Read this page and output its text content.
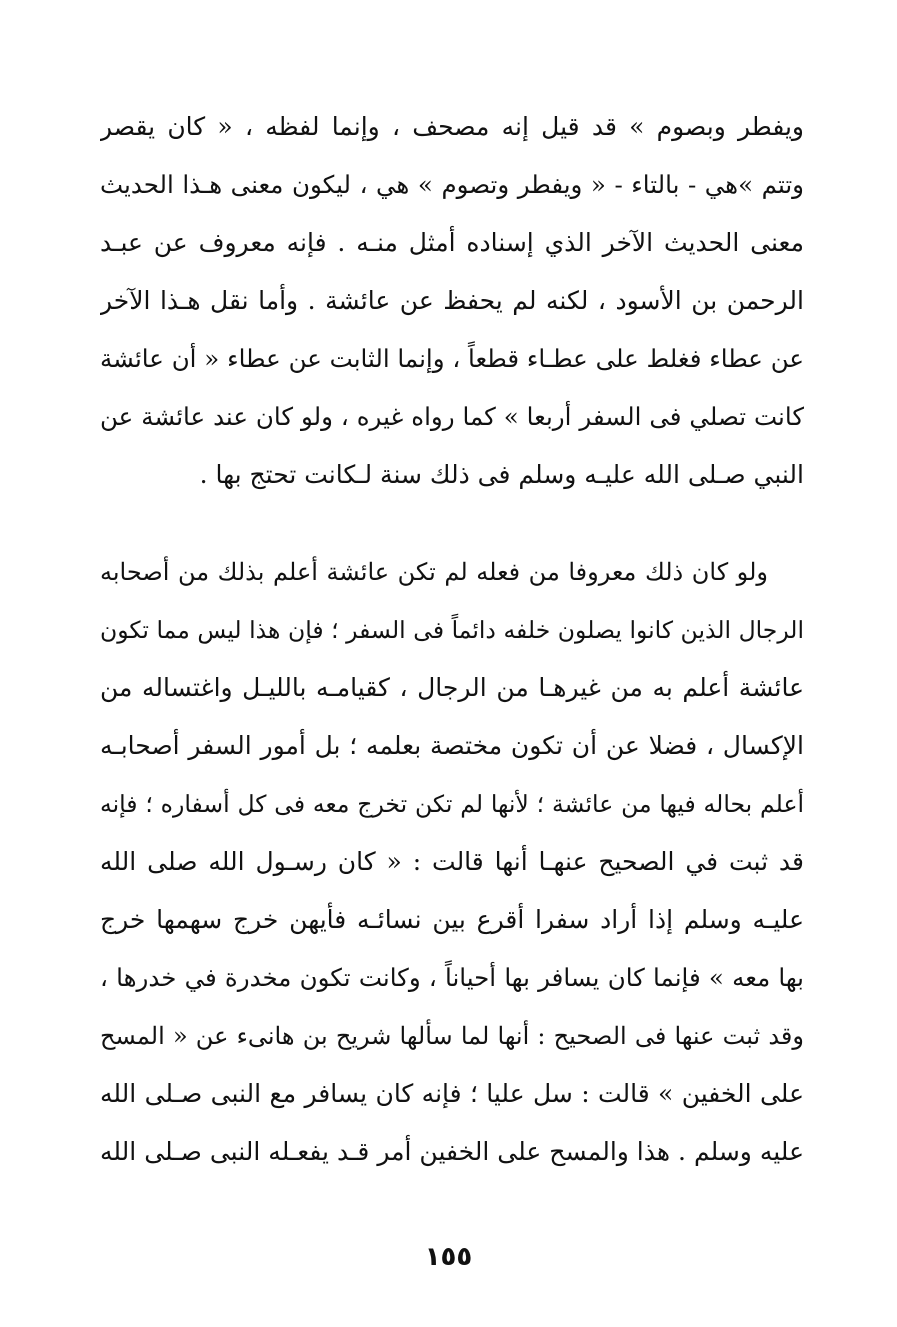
ويفطر وبصوم » قد قيل إنه مصحف ، وإنما لفظه ، « كان يقصر
وتتم »هي - بالتاء - « ويفطر وتصوم » هي ، ليكون معنى هـذا الحديث
معنى الحديث الآخر الذي إسناده أمثل منـه . فإنه معروف عن عبـد
الرحمن بن الأسود ، لكنه لم يحفظ عن عائشة . وأما نقل هـذا الآخر
عن عطاء فغلط على عطـاء قطعاً ، وإنما الثابت عن عطاء « أن عائشة
كانت تصلي فى السفر أربعا » كما رواه غيره ، ولو كان عند عائشة عن
النبي صـلى الله عليـه وسلم فى ذلك سنة لـكانت تحتج بها .
ولو كان ذلك معروفا من فعله لم تكن عائشة أعلم بذلك من أصحابه
الرجال الذين كانوا يصلون خلفه دائماً فى السفر ؛ فإن هذا ليس مما تكون
عائشة أعلم به من غيرهـا من الرجال ، كقيامـه بالليـل واغتساله من
الإكسال ، فضلا عن أن تكون مختصة بعلمه ؛ بل أمور السفر أصحابـه
أعلم بحاله فيها من عائشة ؛ لأنها لم تكن تخرج معه فى كل أسفاره ؛ فإنه
قد ثبت في الصحيح عنهـا أنها قالت : « كان رسـول الله صلى الله
عليـه وسلم إذا أراد سفرا أقرع بين نسائـه فأيهن خرج سهمها خرج
بها معه » فإنما كان يسافر بها أحياناً ، وكانت تكون مخدرة في خدرها ،
وقد ثبت عنها فى الصحيح : أنها لما سألها شريح بن هانىء عن « المسح
على الخفين » قالت : سل عليا ؛ فإنه كان يسافر مع النبى صـلى الله
عليه وسلم . هذا والمسح على الخفين أمر قـد يفعـله النبى صـلى الله
١٥٥
